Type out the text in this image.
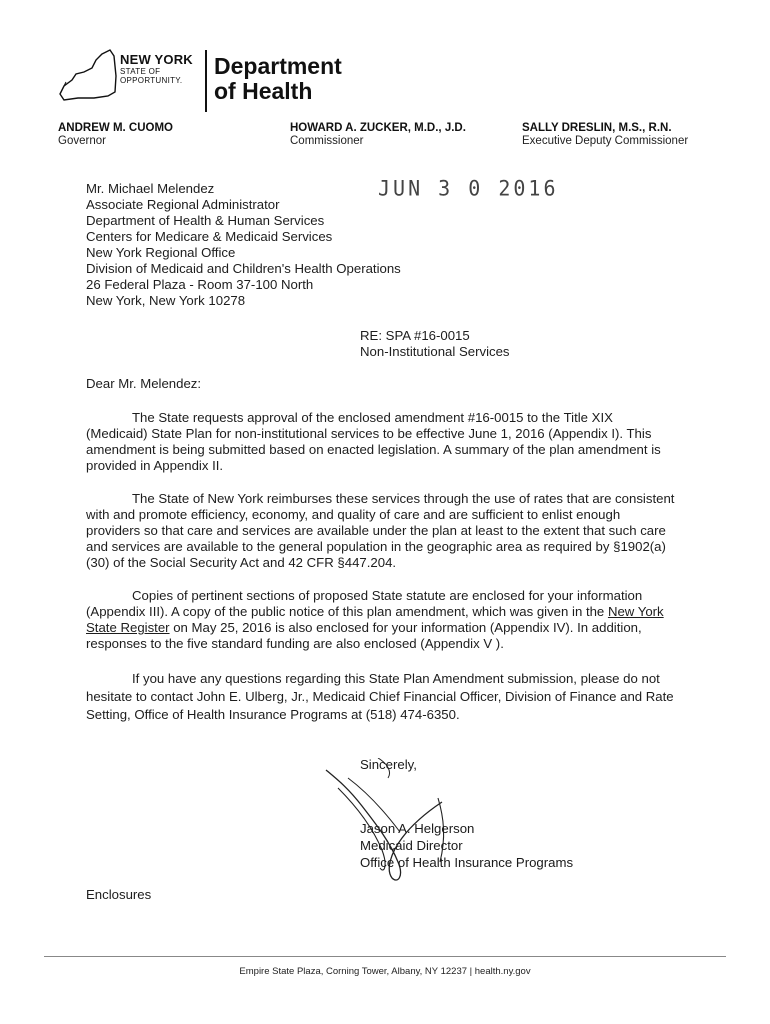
NEW YORK
STATE OF
OPPORTUNITY.
Department
of Health
ANDREW M. CUOMO
Governor
HOWARD A. ZUCKER, M.D., J.D.
Commissioner
SALLY DRESLIN, M.S., R.N.
Executive Deputy Commissioner
JUN 3 0 2016
Mr. Michael Melendez
Associate Regional Administrator
Department of Health & Human Services
Centers for Medicare & Medicaid Services
New York Regional Office
Division of Medicaid and Children's Health Operations
26 Federal Plaza - Room 37-100 North
New York, New York 10278
RE: SPA #16-0015
Non-Institutional Services
Dear Mr. Melendez:
The State requests approval of the enclosed amendment #16-0015 to the Title XIX (Medicaid) State Plan for non-institutional services to be effective June 1, 2016 (Appendix I). This amendment is being submitted based on enacted legislation. A summary of the plan amendment is provided in Appendix II.
The State of New York reimburses these services through the use of rates that are consistent with and promote efficiency, economy, and quality of care and are sufficient to enlist enough providers so that care and services are available under the plan at least to the extent that such care and services are available to the general population in the geographic area as required by §1902(a)(30) of the Social Security Act and 42 CFR §447.204.
Copies of pertinent sections of proposed State statute are enclosed for your information (Appendix III). A copy of the public notice of this plan amendment, which was given in the New York State Register on May 25, 2016 is also enclosed for your information (Appendix IV). In addition, responses to the five standard funding are also enclosed (Appendix V ).
If you have any questions regarding this State Plan Amendment submission, please do not hesitate to contact John E. Ulberg, Jr., Medicaid Chief Financial Officer, Division of Finance and Rate Setting, Office of Health Insurance Programs at (518) 474-6350.
Sincerely,
Jason A. Helgerson
Medicaid Director
Office of Health Insurance Programs
Enclosures
Empire State Plaza, Corning Tower, Albany, NY 12237 | health.ny.gov
